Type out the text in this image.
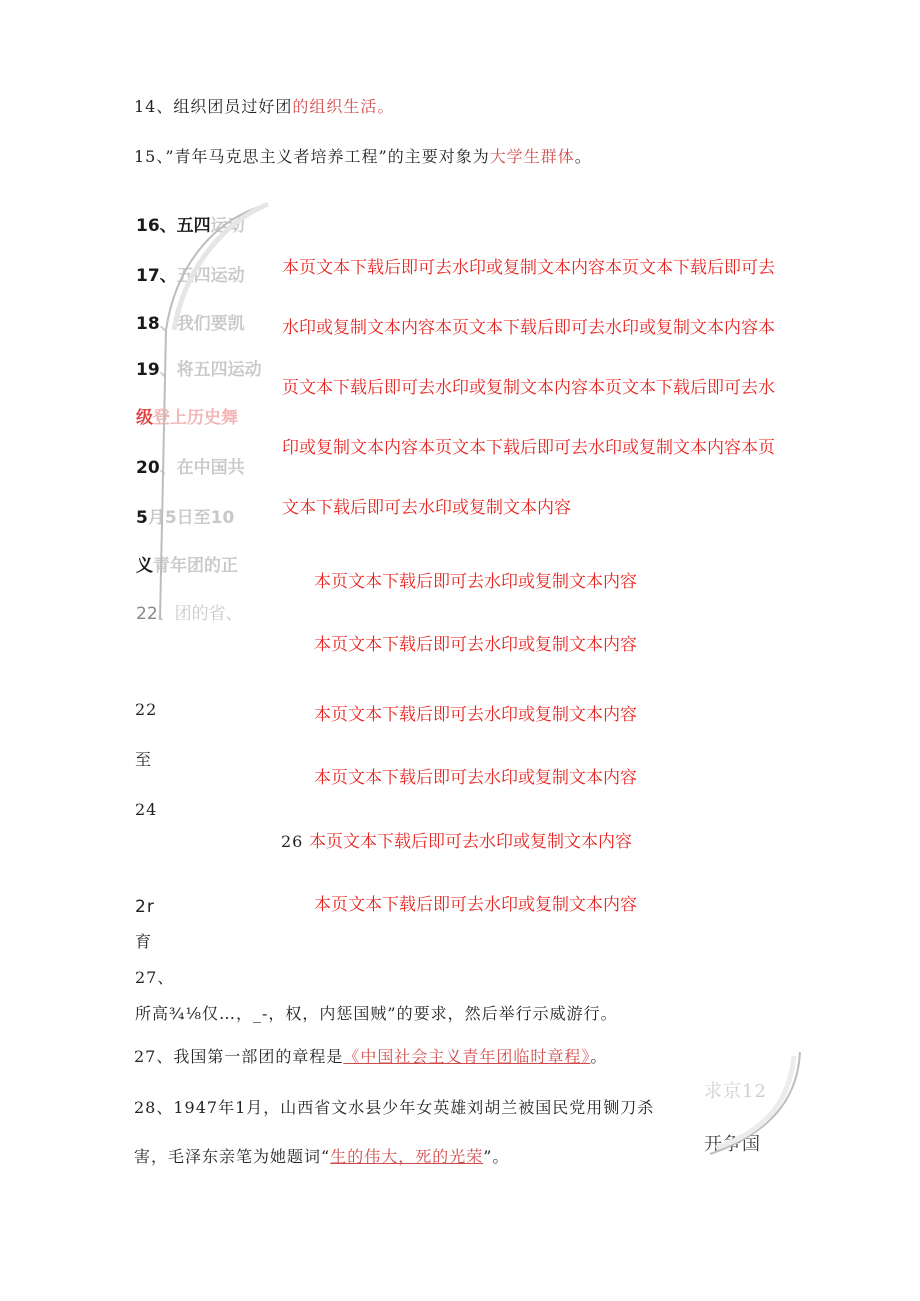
14、组织团员过好团的组织生活。
15、”青年马克思主义者培养工程”的主要对象为大学生群体。
16、五四运动
17、五四运动
18、我们要凯
19、将五四运动
级登上历史舞
20、在中国共
5月5日至10
义青年团的正
22、团的省、
本页文本下载后即可去水印或复制文本内容本页文本下载后即可去
水印或复制文本内容本页文本下载后即可去水印或复制文本内容本
页文本下载后即可去水印或复制文本内容本页文本下载后即可去水
印或复制文本内容本页文本下载后即可去水印或复制文本内容本页
文本下载后即可去水印或复制文本内容
本页文本下载后即可去水印或复制文本内容
本页文本下载后即可去水印或复制文本内容
22	本页文本下载后即可去水印或复制文本内容
至
本页文本下载后即可去水印或复制文本内容
24
26 本页文本下载后即可去水印或复制文本内容
2r	本页文本下载后即可去水印或复制文本内容
育
27、
所高¾⅛仅…，_-，权，内惩国贼”的要求，然后举行示威游行。
27、我国第一部团的章程是《中国社会主义青年团临时章程》。
28、1947年1月，山西省文水县少年女英雄刘胡兰被国民党用铡刀杀
害，毛泽东亲笔为她题词“生的伟大，死的光荣”。
求京12
开争国
